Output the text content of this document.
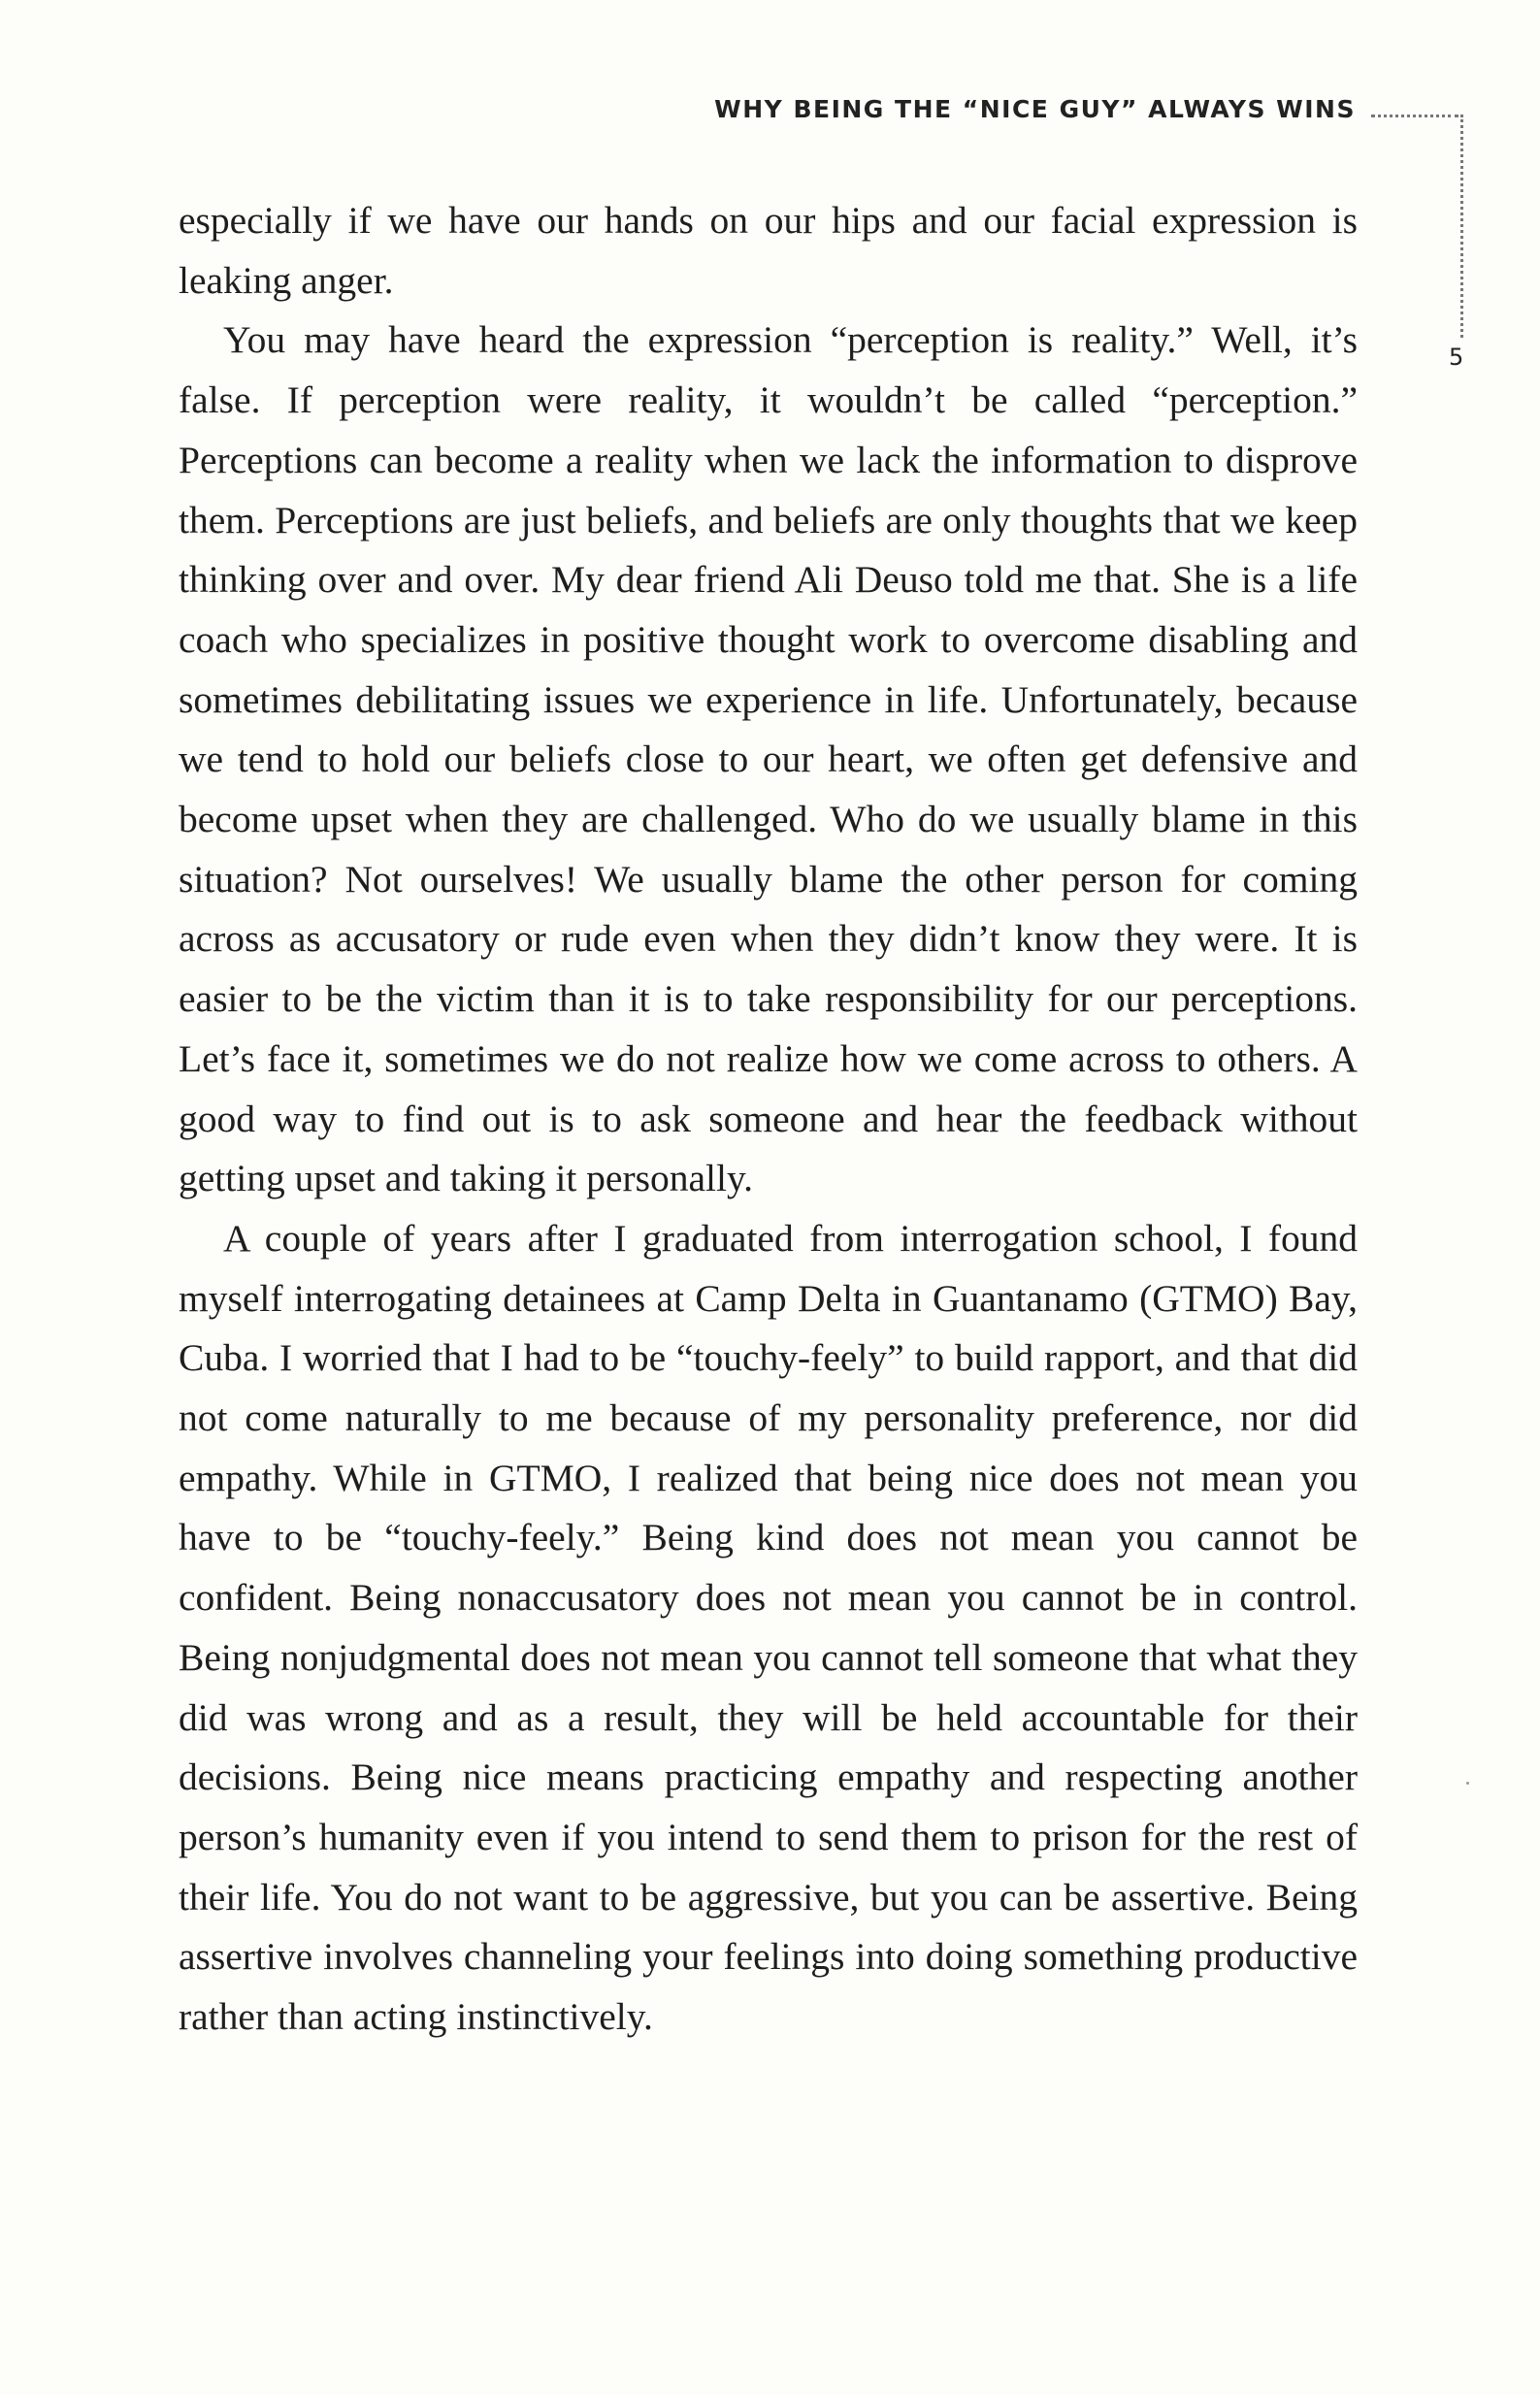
WHY BEING THE “NICE GUY” ALWAYS WINS
5

especially if we have our hands on our hips and our facial expression is leaking anger.

You may have heard the expression “perception is reality.” Well, it’s false. If perception were reality, it wouldn’t be called “perception.” Perceptions can become a reality when we lack the information to disprove them. Perceptions are just beliefs, and beliefs are only thoughts that we keep thinking over and over. My dear friend Ali Deuso told me that. She is a life coach who specializes in positive thought work to overcome disabling and sometimes debilitating issues we experience in life. Unfortunately, because we tend to hold our beliefs close to our heart, we often get defensive and become upset when they are challenged. Who do we usually blame in this situation? Not ourselves! We usually blame the other person for coming across as accusatory or rude even when they didn’t know they were. It is easier to be the victim than it is to take responsibility for our perceptions. Let’s face it, sometimes we do not realize how we come across to others. A good way to find out is to ask someone and hear the feedback without getting upset and taking it personally.

A couple of years after I graduated from interrogation school, I found myself interrogating detainees at Camp Delta in Guantanamo (GTMO) Bay, Cuba. I worried that I had to be “touchy-feely” to build rapport, and that did not come naturally to me because of my personality preference, nor did empathy. While in GTMO, I realized that being nice does not mean you have to be “touchy-feely.” Being kind does not mean you cannot be confident. Being nonaccusatory does not mean you cannot be in control. Being nonjudgmental does not mean you cannot tell someone that what they did was wrong and as a result, they will be held accountable for their decisions. Being nice means practicing empathy and respecting another person’s humanity even if you intend to send them to prison for the rest of their life. You do not want to be aggressive, but you can be assertive. Being assertive involves channeling your feelings into doing something productive rather than acting instinctively.
